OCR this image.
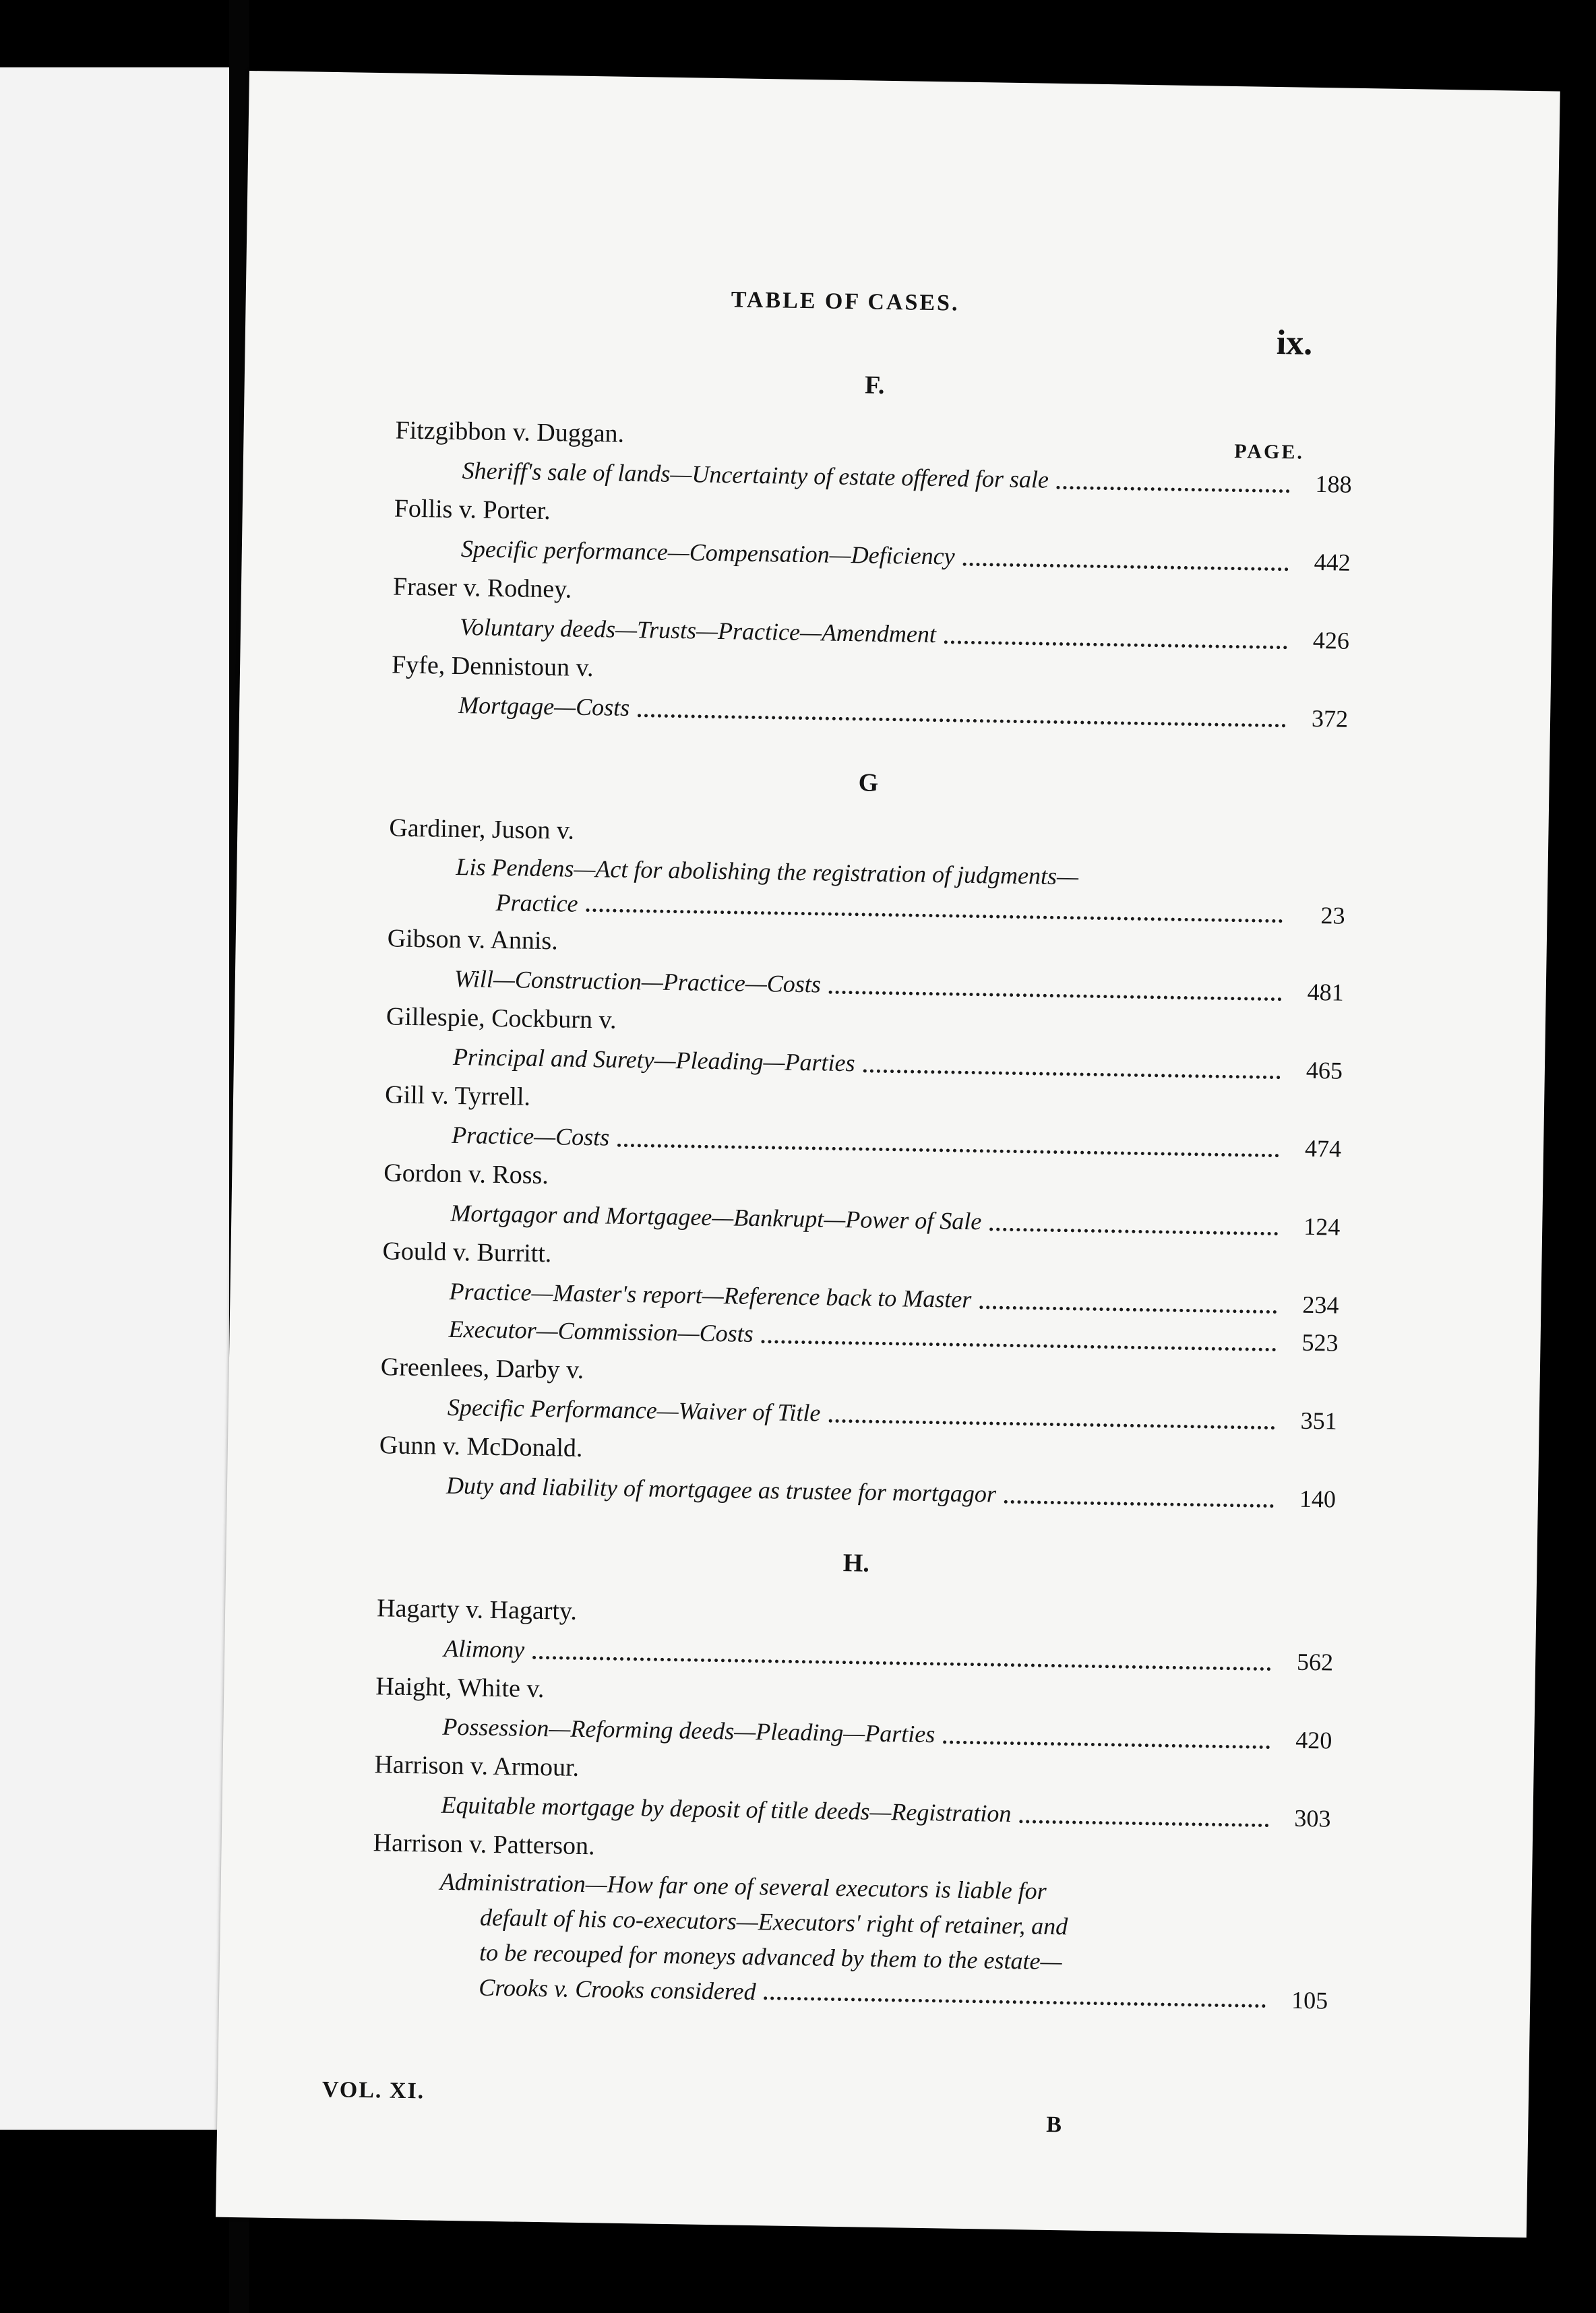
TABLE OF CASES.
ix.
PAGE.
F.
Fitzgibbon v. Duggan.
Sheriff's sale of lands—Uncertainty of estate offered for sale	188
Follis v. Porter.
Specific performance—Compensation—Deficiency	442
Fraser v. Rodney.
Voluntary deeds—Trusts—Practice—Amendment	426
Fyfe, Dennistoun v.
Mortgage—Costs	372
G
Gardiner, Juson v.
Lis Pendens—Act for abolishing the registration of judgments—
Practice	23
Gibson v. Annis.
Will—Construction—Practice—Costs	481
Gillespie, Cockburn v.
Principal and Surety—Pleading—Parties	465
Gill v. Tyrrell.
Practice—Costs	474
Gordon v. Ross.
Mortgagor and Mortgagee—Bankrupt—Power of Sale	124
Gould v. Burritt.
Practice—Master's report—Reference back to Master	234
Executor—Commission—Costs	523
Greenlees, Darby v.
Specific Performance—Waiver of Title	351
Gunn v. McDonald.
Duty and liability of mortgagee as trustee for mortgagor	140
H.
Hagarty v. Hagarty.
Alimony	562
Haight, White v.
Possession—Reforming deeds—Pleading—Parties	420
Harrison v. Armour.
Equitable mortgage by deposit of title deeds—Registration	303
Harrison v. Patterson.
Administration—How far one of several executors is liable for
default of his co-executors—Executors' right of retainer, and
to be recouped for moneys advanced by them to the estate—
Crooks v. Crooks considered	105
VOL. XI.
B
